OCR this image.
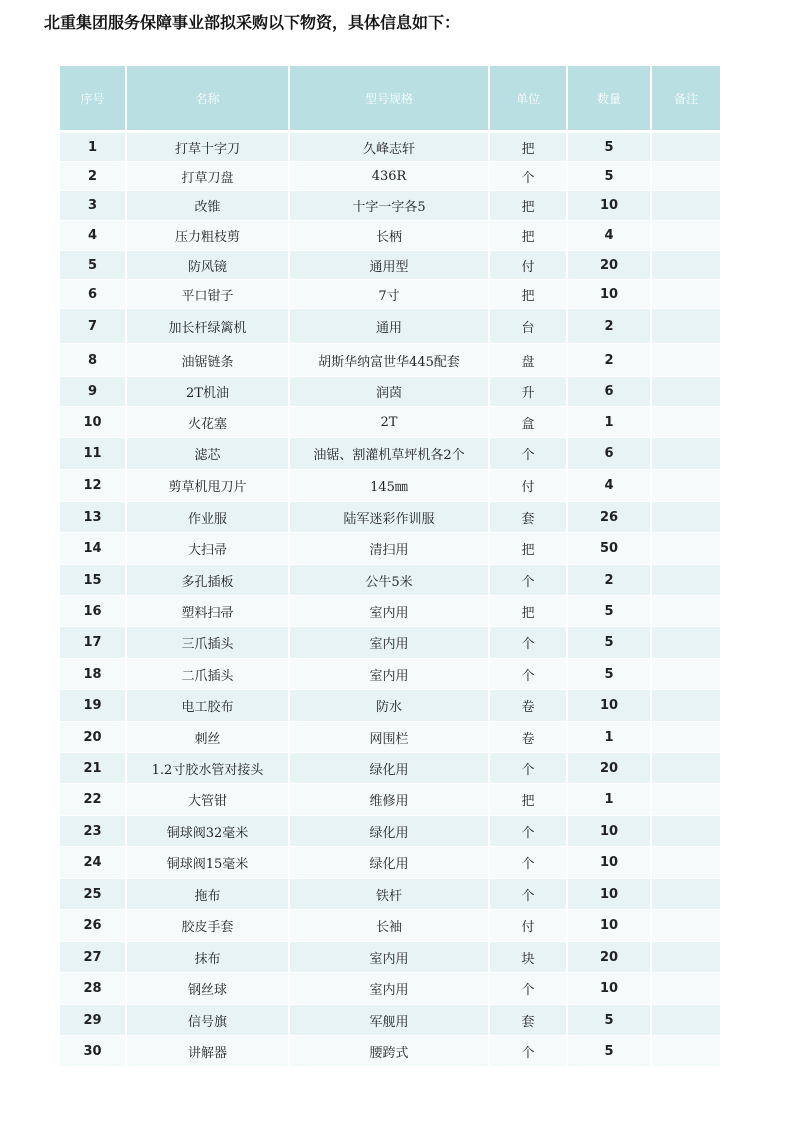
北重集团服务保障事业部拟采购以下物资，具体信息如下：
序号	名称	型号规格	单位	数量	备注
1	打草十字刀	久峰志轩	把	5	
2	打草刀盘	436R	个	5	
3	改锥	十字一字各5	把	10	
4	压力粗枝剪	长柄	把	4	
5	防风镜	通用型	付	20	
6	平口钳子	7寸	把	10	
7	加长杆绿篱机	通用	台	2	
8	油锯链条	胡斯华纳富世华445配套	盘	2	
9	2T机油	润茵	升	6	
10	火花塞	2T	盒	1	
11	滤芯	油锯、割灌机草坪机各2个	个	6	
12	剪草机甩刀片	145㎜	付	4	
13	作业服	陆军迷彩作训服	套	26	
14	大扫帚	清扫用	把	50	
15	多孔插板	公牛5米	个	2	
16	塑料扫帚	室内用	把	5	
17	三爪插头	室内用	个	5	
18	二爪插头	室内用	个	5	
19	电工胶布	防水	卷	10	
20	刺丝	网围栏	卷	1	
21	1.2寸胶水管对接头	绿化用	个	20	
22	大管钳	维修用	把	1	
23	铜球阀32毫米	绿化用	个	10	
24	铜球阀15毫米	绿化用	个	10	
25	拖布	铁杆	个	10	
26	胶皮手套	长袖	付	10	
27	抹布	室内用	块	20	
28	钢丝球	室内用	个	10	
29	信号旗	军舰用	套	5	
30	讲解器	腰跨式	个	5	
